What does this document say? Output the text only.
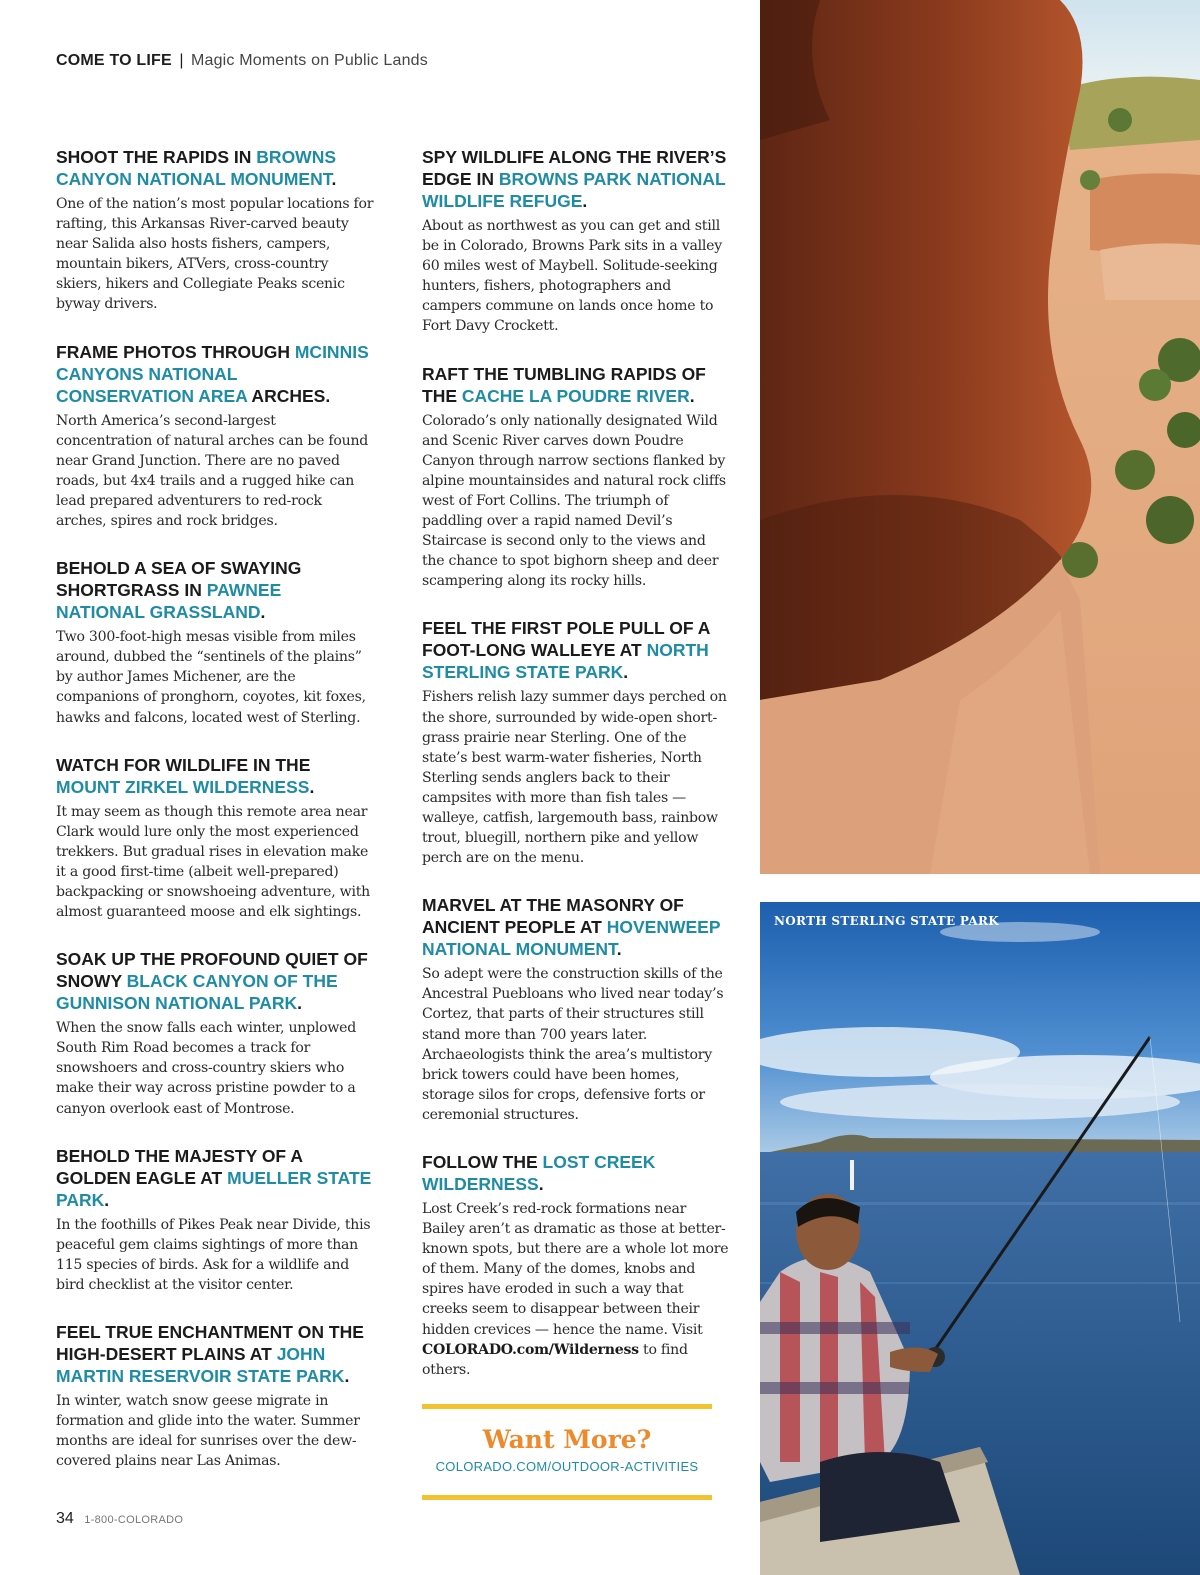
COME TO LIFE | Magic Moments on Public Lands
SHOOT THE RAPIDS IN BROWNS CANYON NATIONAL MONUMENT.

One of the nation’s most popular locations for rafting, this Arkansas River-carved beauty near Salida also hosts fishers, campers, mountain bikers, ATVers, cross-country skiers, hikers and Collegiate Peaks scenic byway drivers.

FRAME PHOTOS THROUGH MCINNIS CANYONS NATIONAL CONSERVATION AREA ARCHES.

North America’s second-largest concentration of natural arches can be found near Grand Junction. There are no paved roads, but 4x4 trails and a rugged hike can lead prepared adventurers to red-rock arches, spires and rock bridges.

BEHOLD A SEA OF SWAYING SHORTGRASS IN PAWNEE NATIONAL GRASSLAND.

Two 300-foot-high mesas visible from miles around, dubbed the “sentinels of the plains” by author James Michener, are the companions of pronghorn, coyotes, kit foxes, hawks and falcons, located west of Sterling.

WATCH FOR WILDLIFE IN THE MOUNT ZIRKEL WILDERNESS.

It may seem as though this remote area near Clark would lure only the most experienced trekkers. But gradual rises in elevation make it a good first-time (albeit well-prepared) backpacking or snowshoeing adventure, with almost guaranteed moose and elk sightings.

SOAK UP THE PROFOUND QUIET OF SNOWY BLACK CANYON OF THE GUNNISON NATIONAL PARK.

When the snow falls each winter, unplowed South Rim Road becomes a track for snowshoers and cross-country skiers who make their way across pristine powder to a canyon overlook east of Montrose.

BEHOLD THE MAJESTY OF A GOLDEN EAGLE AT MUELLER STATE PARK.

In the foothills of Pikes Peak near Divide, this peaceful gem claims sightings of more than 115 species of birds. Ask for a wildlife and bird checklist at the visitor center.

FEEL TRUE ENCHANTMENT ON THE HIGH-DESERT PLAINS AT JOHN MARTIN RESERVOIR STATE PARK.

In winter, watch snow geese migrate in formation and glide into the water. Summer months are ideal for sunrises over the dew-covered plains near Las Animas.

SPY WILDLIFE ALONG THE RIVER’S EDGE IN BROWNS PARK NATIONAL WILDLIFE REFUGE.

About as northwest as you can get and still be in Colorado, Browns Park sits in a valley 60 miles west of Maybell. Solitude-seeking hunters, fishers, photographers and campers commune on lands once home to Fort Davy Crockett.

RAFT THE TUMBLING RAPIDS OF THE CACHE LA POUDRE RIVER.

Colorado’s only nationally designated Wild and Scenic River carves down Poudre Canyon through narrow sections flanked by alpine mountainsides and natural rock cliffs west of Fort Collins. The triumph of paddling over a rapid named Devil’s Staircase is second only to the views and the chance to spot bighorn sheep and deer scampering along its rocky hills.

FEEL THE FIRST POLE PULL OF A FOOT-LONG WALLEYE AT NORTH STERLING STATE PARK.

Fishers relish lazy summer days perched on the shore, surrounded by wide-open short-grass prairie near Sterling. One of the state’s best warm-water fisheries, North Sterling sends anglers back to their campsites with more than fish tales — walleye, catfish, largemouth bass, rainbow trout, bluegill, northern pike and yellow perch are on the menu.

MARVEL AT THE MASONRY OF ANCIENT PEOPLE AT HOVENWEEP NATIONAL MONUMENT.

So adept were the construction skills of the Ancestral Puebloans who lived near today’s Cortez, that parts of their structures still stand more than 700 years later. Archaeologists think the area’s multistory brick towers could have been homes, storage silos for crops, defensive forts or ceremonial structures.

FOLLOW THE LOST CREEK WILDERNESS.

Lost Creek’s red-rock formations near Bailey aren’t as dramatic as those at better-known spots, but there are a whole lot more of them. Many of the domes, knobs and spires have eroded in such a way that creeks seem to disappear between their hidden crevices — hence the name. Visit COLORADO.com/Wilderness to find others.

Want More?
COLORADO.COM/OUTDOOR-ACTIVITIES
34 1-800-COLORADO
NORTH STERLING STATE PARK
